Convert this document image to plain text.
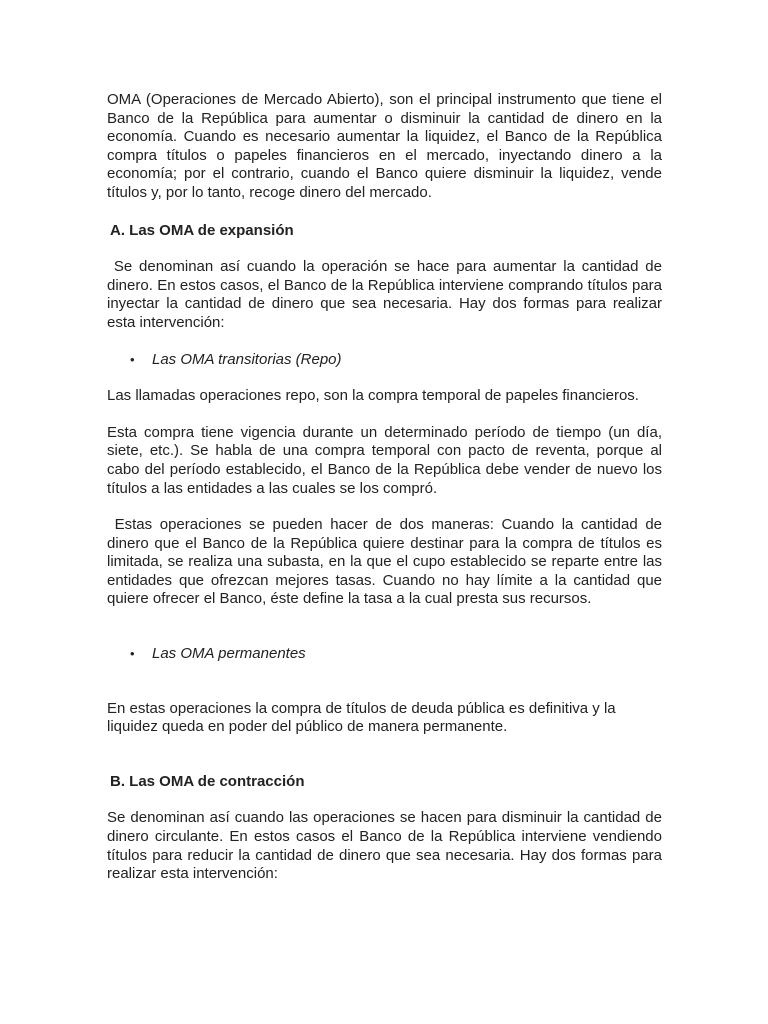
OMA (Operaciones de Mercado Abierto), son el principal instrumento que tiene el Banco de la República para aumentar o disminuir la cantidad de dinero en la economía. Cuando es necesario aumentar la liquidez, el Banco de la República compra títulos o papeles financieros en el mercado, inyectando dinero a la economía; por el contrario, cuando el Banco quiere disminuir la liquidez, vende títulos y, por lo tanto, recoge dinero del mercado.

A. Las OMA de expansión

Se denominan así cuando la operación se hace para aumentar la cantidad de dinero. En estos casos, el Banco de la República interviene comprando títulos para inyectar la cantidad de dinero que sea necesaria. Hay dos formas para realizar esta intervención:

•	Las OMA transitorias (Repo)

Las llamadas operaciones repo, son la compra temporal de papeles financieros.

Esta compra tiene vigencia durante un determinado período de tiempo (un día, siete, etc.). Se habla de una compra temporal con pacto de reventa, porque al cabo del período establecido, el Banco de la República debe vender de nuevo los títulos a las entidades a las cuales se los compró.

Estas operaciones se pueden hacer de dos maneras: Cuando la cantidad de dinero que el Banco de la República quiere destinar para la compra de títulos es limitada, se realiza una subasta, en la que el cupo establecido se reparte entre las entidades que ofrezcan mejores tasas. Cuando no hay límite a la cantidad que quiere ofrecer el Banco, éste define la tasa a la cual presta sus recursos.

•	Las OMA permanentes

En estas operaciones la compra de títulos de deuda pública es definitiva y la liquidez queda en poder del público de manera permanente.

B. Las OMA de contracción

Se denominan así cuando las operaciones se hacen para disminuir la cantidad de dinero circulante. En estos casos el Banco de la República interviene vendiendo títulos para reducir la cantidad de dinero que sea necesaria. Hay dos formas para realizar esta intervención:
